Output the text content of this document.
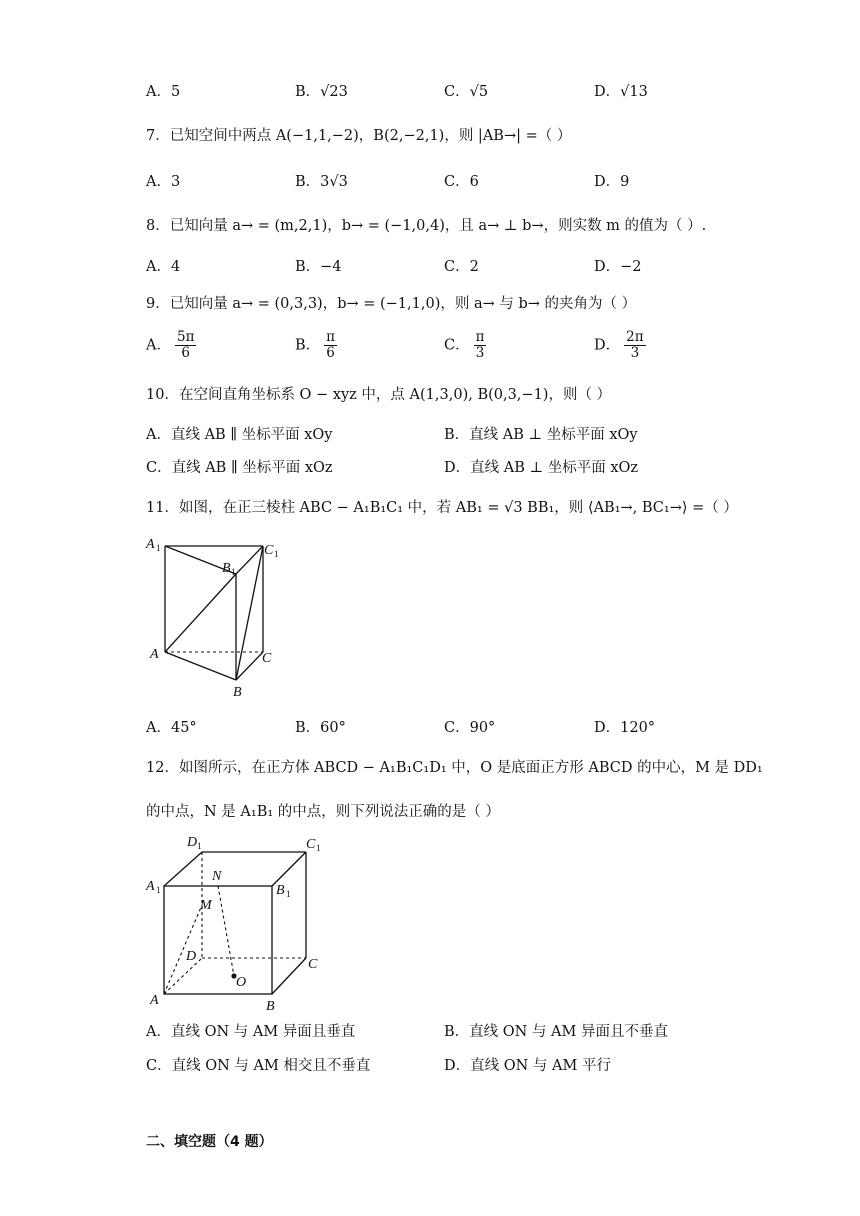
A．5	B．√23	C．√5	D．√13
7．已知空间中两点 A(−1,1,−2)，B(2,−2,1)，则 |AB→| =（ ）
A．3	B．3√3	C．6	D．9
8．已知向量 a→ = (m,2,1)，b→ = (−1,0,4)，且 a→ ⊥ b→，则实数 m 的值为（ ）.
A．4	B．−4	C．2	D．−2
9．已知向量 a→ = (0,3,3)，b→ = (−1,1,0)，则 a→ 与 b→ 的夹角为（ ）
A． $\frac{5\pi}{6}$	B． $\frac{\pi}{6}$	C． $\frac{\pi}{3}$	D． $\frac{2\pi}{3}$
10．在空间直角坐标系 O − xyz 中，点 A(1,3,0), B(0,3,−1)，则（ ）
A．直线 AB ∥ 坐标平面 xOy	B．直线 AB ⊥ 坐标平面 xOy
C．直线 AB ∥ 坐标平面 xOz	D．直线 AB ⊥ 坐标平面 xOz
11．如图，在正三棱柱 ABC − A₁B₁C₁ 中，若 AB₁ = √3 BB₁，则 ⟨AB₁→, BC₁→⟩ =（ ）
A 1	C 1
B 1
A	C
B
A．45°	B．60°	C．90°	D．120°
12．如图所示，在正方体 ABCD − A₁B₁C₁D₁ 中，O 是底面正方形 ABCD 的中心，M 是 DD₁
的中点，N 是 A₁B₁ 的中点，则下列说法正确的是（ ）
D 1	C 1
A 1	B 1
N
M
D
C
O
A	B
A．直线 ON 与 AM 异面且垂直	B．直线 ON 与 AM 异面且不垂直
C．直线 ON 与 AM 相交且不垂直	D．直线 ON 与 AM 平行
二、填空题（4 题）
